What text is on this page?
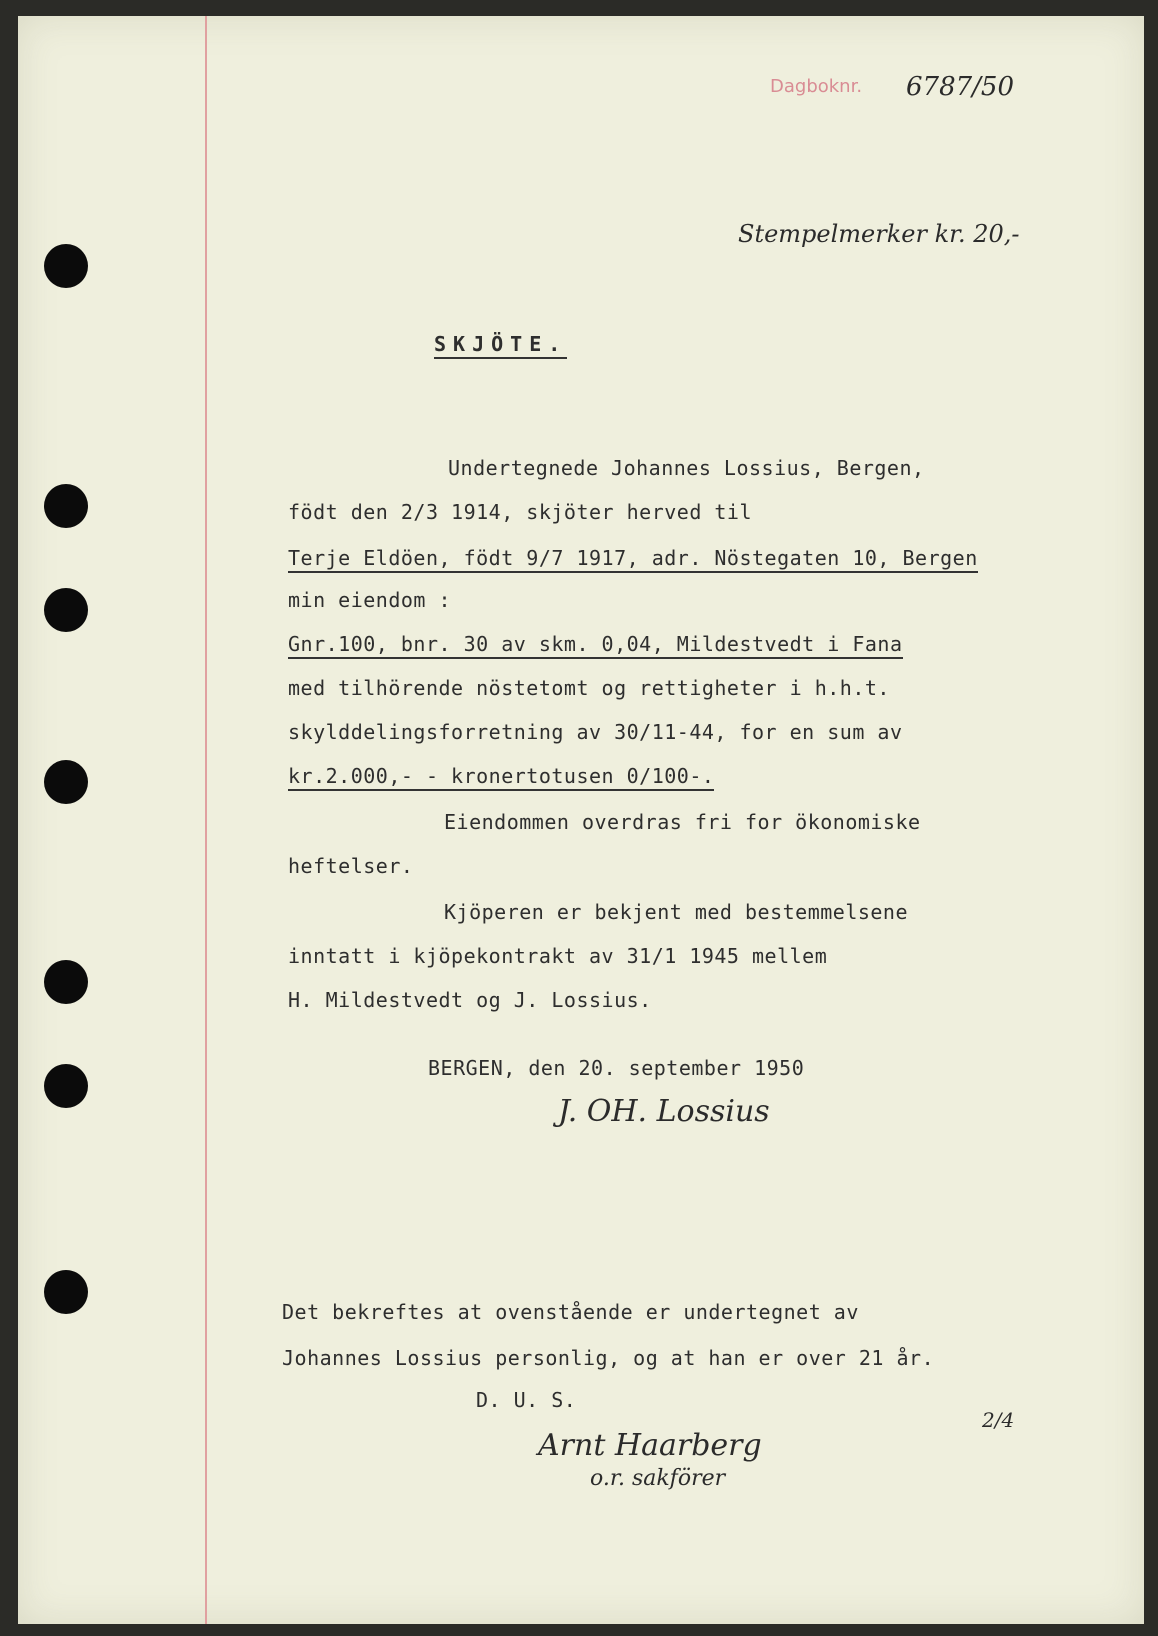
Dagboknr. 6787/50
Stempelmerker kr. 20,-
SKJÖTE.
Undertegnede Johannes Lossius, Bergen,
födt den 2/3 1914, skjöter herved til
Terje Eldöen, födt 9/7 1917, adr. Nöstegaten 10, Bergen
min eiendom :
Gnr.100, bnr. 30 av skm. 0,04, Mildestvedt i Fana
med tilhörende nöstetomt og rettigheter i h.h.t.
skylddelingsforretning av 30/11-44, for en sum av
kr.2.000,- - kronertotusen 0/100-.
Eiendommen overdras fri for ökonomiske
heftelser.
Kjöperen er bekjent med bestemmelsene
inntatt i kjöpekontrakt av 31/1 1945 mellem
H. Mildestvedt og J. Lossius.
BERGEN, den 20. september 1950
J. OH. Lossius
Det bekreftes at ovenstående er undertegnet av
Johannes Lossius personlig, og at han er over 21 år.
D. U. S.
Arnt Haarberg
o.r. sakförer
2/4
